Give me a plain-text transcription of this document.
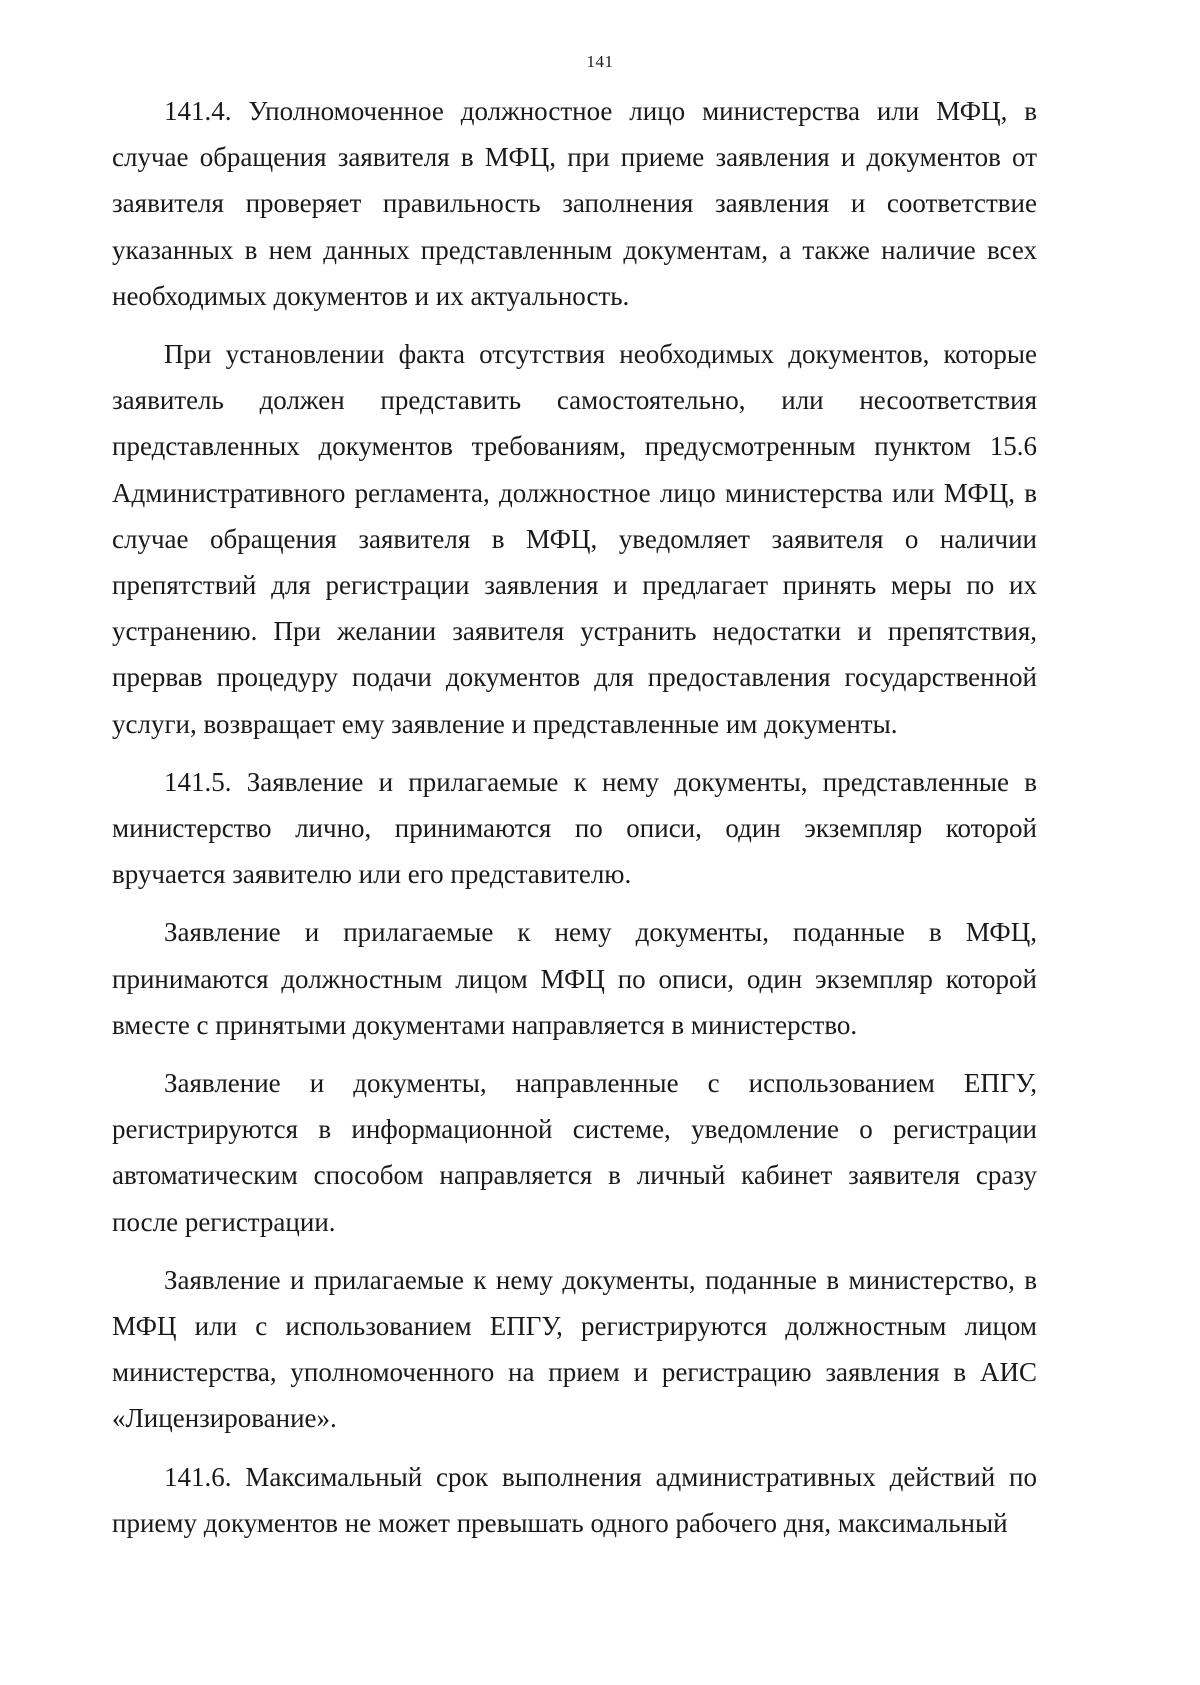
141

141.4. Уполномоченное должностное лицо министерства или МФЦ, в случае обращения заявителя в МФЦ, при приеме заявления и документов от заявителя проверяет правильность заполнения заявления и соответствие указанных в нем данных представленным документам, а также наличие всех необходимых документов и их актуальность.

При установлении факта отсутствия необходимых документов, которые заявитель должен представить самостоятельно, или несоответствия представленных документов требованиям, предусмотренным пунктом 15.6 Административного регламента, должностное лицо министерства или МФЦ, в случае обращения заявителя в МФЦ, уведомляет заявителя о наличии препятствий для регистрации заявления и предлагает принять меры по их устранению. При желании заявителя устранить недостатки и препятствия, прервав процедуру подачи документов для предоставления государственной услуги, возвращает ему заявление и представленные им документы.

141.5. Заявление и прилагаемые к нему документы, представленные в министерство лично, принимаются по описи, один экземпляр которой вручается заявителю или его представителю.

Заявление и прилагаемые к нему документы, поданные в МФЦ, принимаются должностным лицом МФЦ по описи, один экземпляр которой вместе с принятыми документами направляется в министерство.

Заявление и документы, направленные с использованием ЕПГУ, регистрируются в информационной системе, уведомление о регистрации автоматическим способом направляется в личный кабинет заявителя сразу после регистрации.

Заявление и прилагаемые к нему документы, поданные в министерство, в МФЦ или с использованием ЕПГУ, регистрируются должностным лицом министерства, уполномоченного на прием и регистрацию заявления в АИС «Лицензирование».

141.6. Максимальный срок выполнения административных действий по приему документов не может превышать одного рабочего дня, максимальный
